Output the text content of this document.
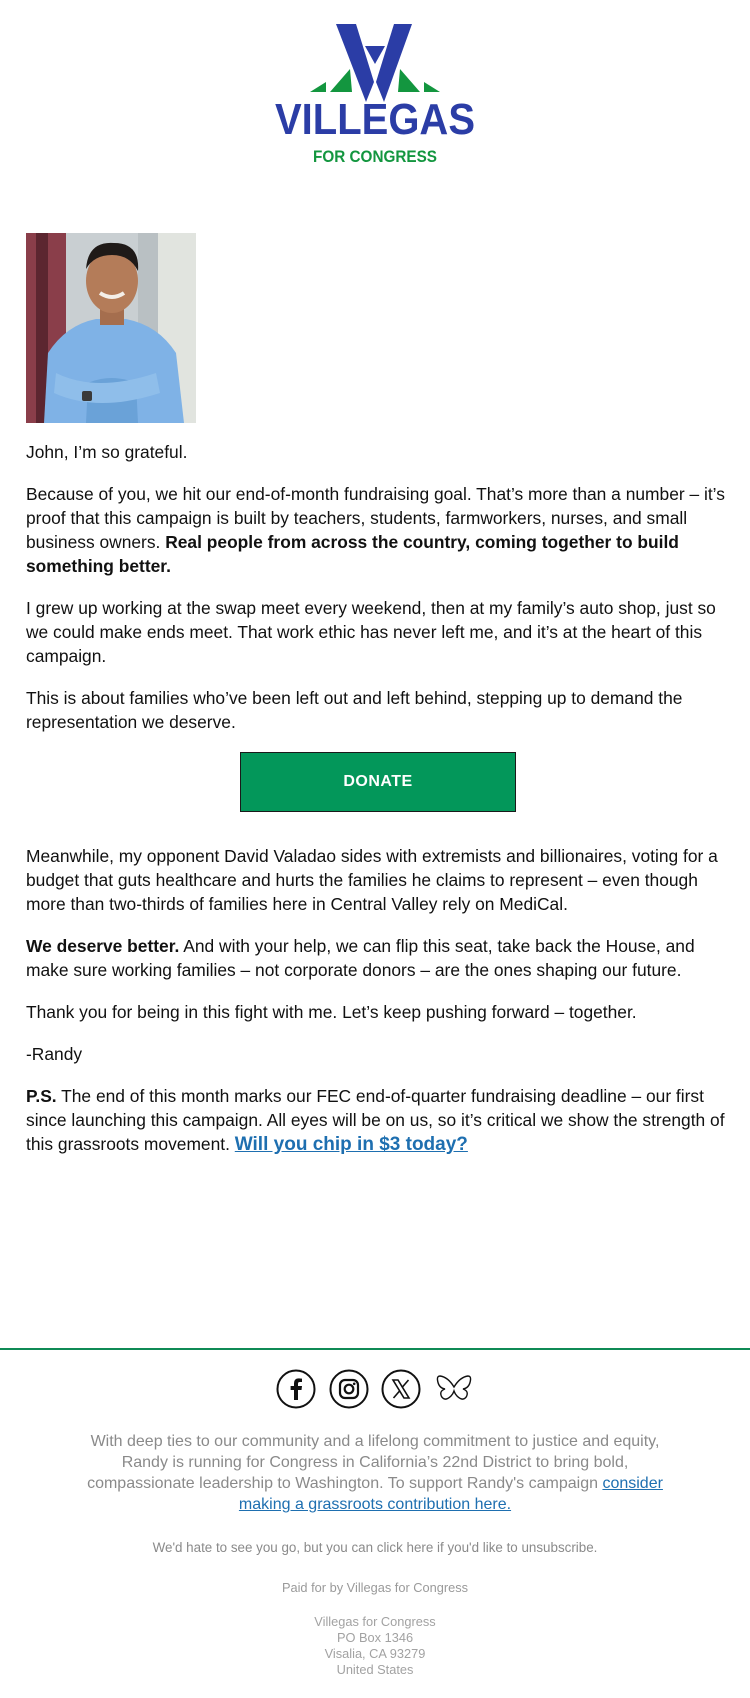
VILLEGAS
FOR CONGRESS

John, I’m so grateful.

Because of you, we hit our end-of-month fundraising goal. That’s more than a number – it’s proof that this campaign is built by teachers, students, farmworkers, nurses, and small business owners. Real people from across the country, coming together to build something better.

I grew up working at the swap meet every weekend, then at my family’s auto shop, just so we could make ends meet. That work ethic has never left me, and it’s at the heart of this campaign.

This is about families who’ve been left out and left behind, stepping up to demand the representation we deserve.

DONATE

Meanwhile, my opponent David Valadao sides with extremists and billionaires, voting for a budget that guts healthcare and hurts the families he claims to represent – even though more than two-thirds of families here in Central Valley rely on MediCal.

We deserve better. And with your help, we can flip this seat, take back the House, and make sure working families – not corporate donors – are the ones shaping our future.

Thank you for being in this fight with me. Let’s keep pushing forward – together.

-Randy

P.S. The end of this month marks our FEC end-of-quarter fundraising deadline – our first since launching this campaign. All eyes will be on us, so it’s critical we show the strength of this grassroots movement. Will you chip in $3 today?

With deep ties to our community and a lifelong commitment to justice and equity, Randy is running for Congress in California’s 22nd District to bring bold, compassionate leadership to Washington. To support Randy's campaign consider making a grassroots contribution here.
We'd hate to see you go, but you can click here if you'd like to unsubscribe.
Paid for by Villegas for Congress
Villegas for Congress
PO Box 1346
Visalia, CA 93279
United States
